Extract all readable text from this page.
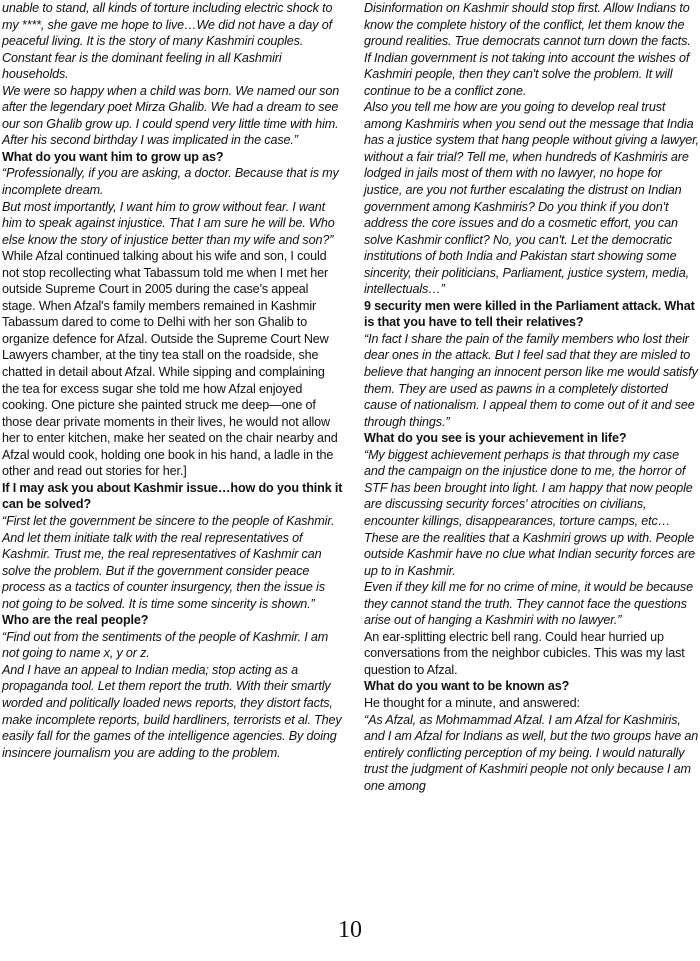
unable to stand, all kinds of torture including electric shock to my ****, she gave me hope to live…We did not have a day of peaceful living. It is the story of many Kashmiri couples. Constant fear is the dominant feeling in all Kashmiri households.

We were so happy when a child was born. We named our son after the legendary poet Mirza Ghalib. We had a dream to see our son Ghalib grow up. I could spend very little time with him. After his second birthday I was implicated in the case.”

What do you want him to grow up as?

“Professionally, if you are asking, a doctor. Because that is my incomplete dream.

But most importantly, I want him to grow without fear. I want him to speak against injustice. That I am sure he will be. Who else know the story of injustice better than my wife and son?”

While Afzal continued talking about his wife and son, I could not stop recollecting what Tabassum told me when I met her outside Supreme Court in 2005 during the case's appeal stage. When Afzal's family members remained in Kashmir Tabassum dared to come to Delhi with her son Ghalib to organize defence for Afzal. Outside the Supreme Court New Lawyers chamber, at the tiny tea stall on the roadside, she chatted in detail about Afzal. While sipping and complaining the tea for excess sugar she told me how Afzal enjoyed cooking. One picture she painted struck me deep—one of those dear private moments in their lives, he would not allow her to enter kitchen, make her seated on the chair nearby and Afzal would cook, holding one book in his hand, a ladle in the other and read out stories for her.]

If I may ask you about Kashmir issue…how do you think it can be solved?

“First let the government be sincere to the people of Kashmir. And let them initiate talk with the real representatives of Kashmir. Trust me, the real representatives of Kashmir can solve the problem. But if the government consider peace process as a tactics of counter insurgency, then the issue is not going to be solved. It is time some sincerity is shown.”

Who are the real people?

“Find out from the sentiments of the people of Kashmir. I am not going to name x, y or z.

And I have an appeal to Indian media; stop acting as a propaganda tool. Let them report the truth. With their smartly worded and politically loaded news reports, they distort facts, make incomplete reports, build hardliners, terrorists et al. They easily fall for the games of the intelligence agencies. By doing insincere journalism you are adding to the problem.

Disinformation on Kashmir should stop first. Allow Indians to know the complete history of the conflict, let them know the ground realities. True democrats cannot turn down the facts. If Indian government is not taking into account the wishes of Kashmiri people, then they can't solve the problem. It will continue to be a conflict zone.

Also you tell me how are you going to develop real trust among Kashmiris when you send out the message that India has a justice system that hang people without giving a lawyer, without a fair trial? Tell me, when hundreds of Kashmiris are lodged in jails most of them with no lawyer, no hope for justice, are you not further escalating the distrust on Indian government among Kashmiris? Do you think if you don't address the core issues and do a cosmetic effort, you can solve Kashmir conflict? No, you can't. Let the democratic institutions of both India and Pakistan start showing some sincerity, their politicians, Parliament, justice system, media, intellectuals…”

9 security men were killed in the Parliament attack. What is that you have to tell their relatives?

“In fact I share the pain of the family members who lost their dear ones in the attack. But I feel sad that they are misled to believe that hanging an innocent person like me would satisfy them. They are used as pawns in a completely distorted cause of nationalism. I appeal them to come out of it and see through things.”

What do you see is your achievement in life?

“My biggest achievement perhaps is that through my case and the campaign on the injustice done to me, the horror of STF has been brought into light. I am happy that now people are discussing security forces' atrocities on civilians, encounter killings, disappearances, torture camps, etc…These are the realities that a Kashmiri grows up with. People outside Kashmir have no clue what Indian security forces are up to in Kashmir.

Even if they kill me for no crime of mine, it would be because they cannot stand the truth. They cannot face the questions arise out of hanging a Kashmiri with no lawyer.”

An ear-splitting electric bell rang. Could hear hurried up conversations from the neighbor cubicles. This was my last question to Afzal.

What do you want to be known as?

He thought for a minute, and answered:

“As Afzal, as Mohmammad Afzal. I am Afzal for Kashmiris, and I am Afzal for Indians as well, but the two groups have an entirely conflicting perception of my being. I would naturally trust the judgment of Kashmiri people not only because I am one among

10
